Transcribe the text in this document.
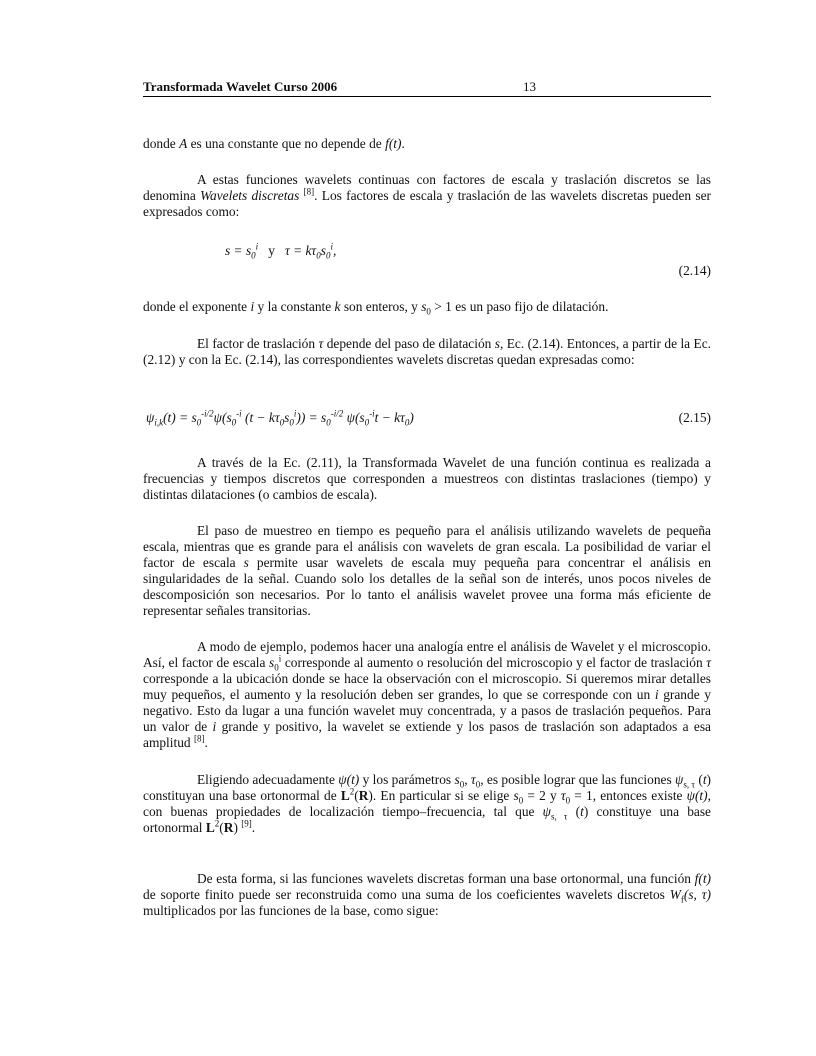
Transformada Wavelet Curso 2006	13
donde A es una constante que no depende de f(t).
A estas funciones wavelets continuas con factores de escala y traslación discretos se las denomina Wavelets discretas [8]. Los factores de escala y traslación de las wavelets discretas pueden ser expresados como:
donde el exponente i y la constante k son enteros, y $s_0 > 1$ es un paso fijo de dilatación.
El factor de traslación τ depende del paso de dilatación s, Ec. (2.14). Entonces, a partir de la Ec. (2.12) y con la Ec. (2.14), las correspondientes wavelets discretas quedan expresadas como:
A través de la Ec. (2.11), la Transformada Wavelet de una función continua es realizada a frecuencias y tiempos discretos que corresponden a muestreos con distintas traslaciones (tiempo) y distintas dilataciones (o cambios de escala).
El paso de muestreo en tiempo es pequeño para el análisis utilizando wavelets de pequeña escala, mientras que es grande para el análisis con wavelets de gran escala. La posibilidad de variar el factor de escala s permite usar wavelets de escala muy pequeña para concentrar el análisis en singularidades de la señal. Cuando solo los detalles de la señal son de interés, unos pocos niveles de descomposición son necesarios. Por lo tanto el análisis wavelet provee una forma más eficiente de representar señales transitorias.
A modo de ejemplo, podemos hacer una analogía entre el análisis de Wavelet y el microscopio. Así, el factor de escala $s_0^i$ corresponde al aumento o resolución del microscopio y el factor de traslación τ corresponde a la ubicación donde se hace la observación con el microscopio. Si queremos mirar detalles muy pequeños, el aumento y la resolución deben ser grandes, lo que se corresponde con un i grande y negativo. Esto da lugar a una función wavelet muy concentrada, y a pasos de traslación pequeños. Para un valor de i grande y positivo, la wavelet se extiende y los pasos de traslación son adaptados a esa amplitud [8].
Eligiendo adecuadamente ψ(t) y los parámetros $s_0$, $\tau_0$, es posible lograr que las funciones $\psi_{s, \tau}$ (t) constituyan una base ortonormal de $L^2(R)$. En particular si se elige $s_0 = 2$ y $\tau_0 = 1$, entonces existe ψ(t), con buenas propiedades de localización tiempo–frecuencia, tal que $\psi_{s, \tau}$ (t) constituye una base ortonormal $L^2(R)$ [9].
De esta forma, si las funciones wavelets discretas forman una base ortonormal, una función f(t) de soporte finito puede ser reconstruida como una suma de los coeficientes wavelets discretos $W_f(s$, τ) multiplicados por las funciones de la base, como sigue:
$s = s_0^i$   y   $\tau = k\tau_0s_0^i$,
(2.14)
$\psi_{i,k}(t) = s_0^{-i/2}\psi(s_0^{-i}$ $(t - k\tau_0s_0^i)) = s_0^{-i/2}$ $\psi(s_0^{-i}t - k\tau_0)$	(2.15)
